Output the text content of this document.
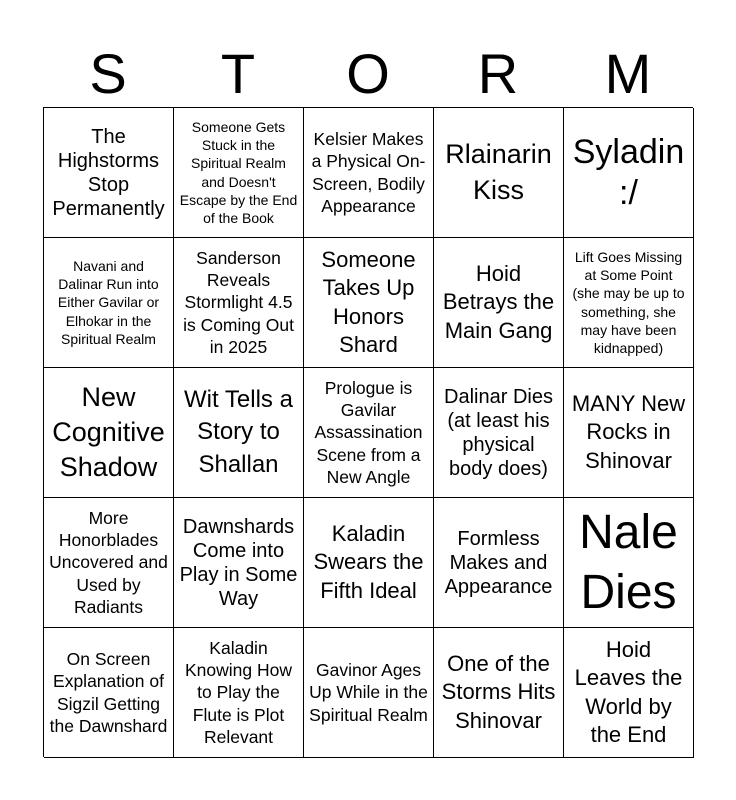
S	T	O	R	M
The Highstorms Stop Permanently
Someone Gets Stuck in the Spiritual Realm and Doesn't Escape by the End of the Book
Kelsier Makes a Physical On-Screen, Bodily Appearance
Rlainarin Kiss
Syladin :/
Navani and Dalinar Run into Either Gavilar or Elhokar in the Spiritual Realm
Sanderson Reveals Stormlight 4.5 is Coming Out in 2025
Someone Takes Up Honors Shard
Hoid Betrays the Main Gang
Lift Goes Missing at Some Point (she may be up to something, she may have been kidnapped)
New Cognitive Shadow
Wit Tells a Story to Shallan
Prologue is Gavilar Assassination Scene from a New Angle
Dalinar Dies (at least his physical body does)
MANY New Rocks in Shinovar
More Honorblades Uncovered and Used by Radiants
Dawnshards Come into Play in Some Way
Kaladin Swears the Fifth Ideal
Formless Makes and Appearance
Nale Dies
On Screen Explanation of Sigzil Getting the Dawnshard
Kaladin Knowing How to Play the Flute is Plot Relevant
Gavinor Ages Up While in the Spiritual Realm
One of the Storms Hits Shinovar
Hoid Leaves the World by the End
